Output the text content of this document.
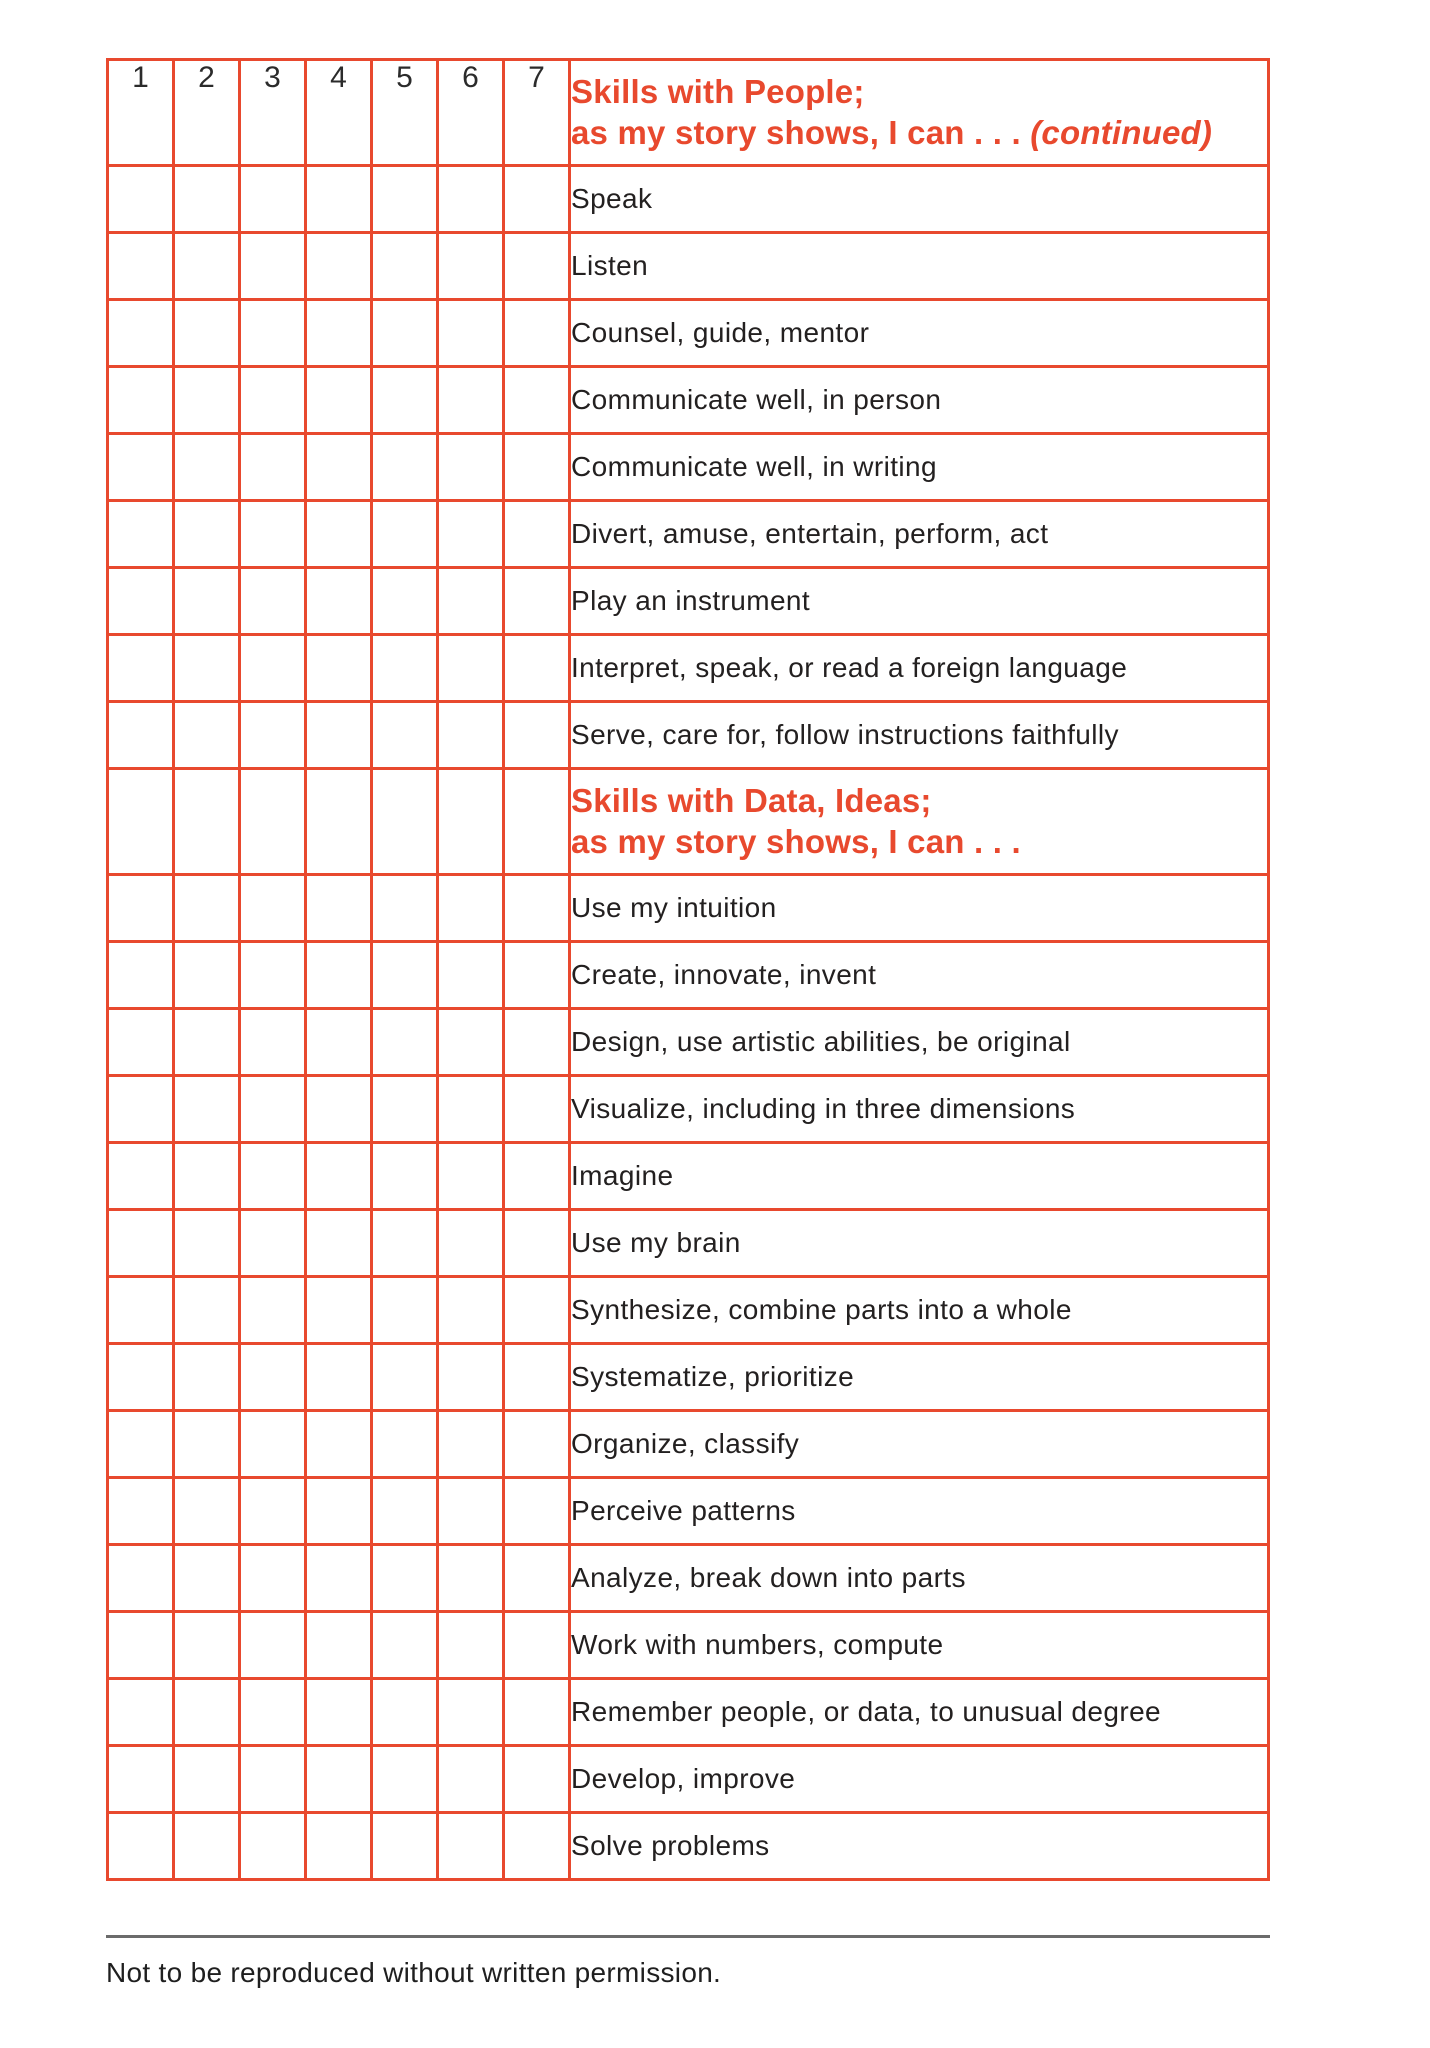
1	2	3	4	5	6	7	Skills with People;
as my story shows, I can . . . (continued)

							Speak
							Listen
							Counsel, guide, mentor
							Communicate well, in person
							Communicate well, in writing
							Divert, amuse, entertain, perform, act
							Play an instrument
							Interpret, speak, or read a foreign language
							Serve, care for, follow instructions faithfully

							Skills with Data, Ideas;
as my story shows, I can . . .

							Use my intuition
							Create, innovate, invent
							Design, use artistic abilities, be original
							Visualize, including in three dimensions
							Imagine
							Use my brain
							Synthesize, combine parts into a whole
							Systematize, prioritize
							Organize, classify
							Perceive patterns
							Analyze, break down into parts
							Work with numbers, compute
							Remember people, or data, to unusual degree
							Develop, improve
							Solve problems
Not to be reproduced without written permission.
